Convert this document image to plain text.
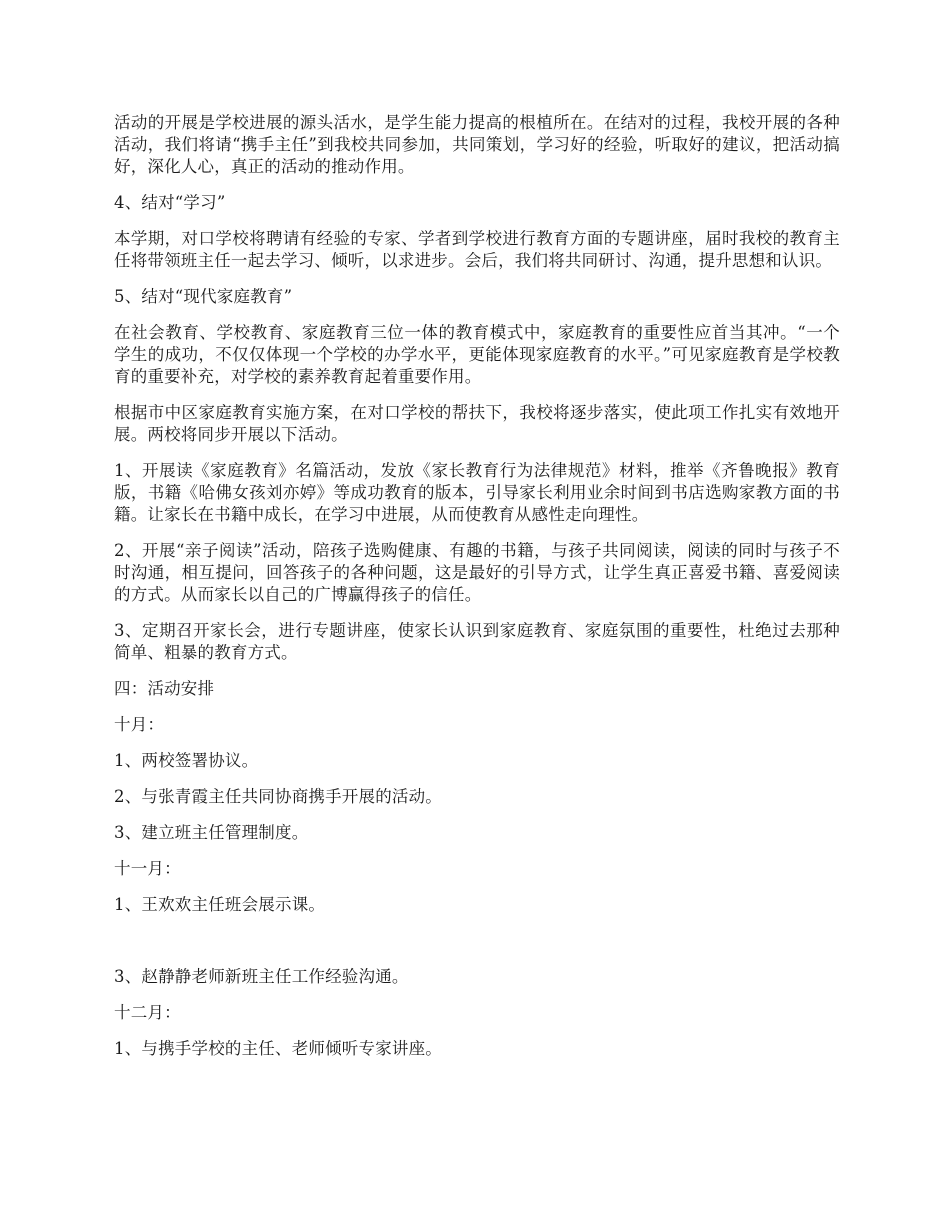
活动的开展是学校进展的源头活水，是学生能力提高的根植所在。在结对的过程，我校开展的各种活动，我们将请“携手主任”到我校共同参加，共同策划，学习好的经验，听取好的建议，把活动搞好，深化人心，真正的活动的推动作用。

4、结对“学习”

本学期，对口学校将聘请有经验的专家、学者到学校进行教育方面的专题讲座，届时我校的教育主任将带领班主任一起去学习、倾听，以求进步。会后，我们将共同研讨、沟通，提升思想和认识。

5、结对“现代家庭教育”

在社会教育、学校教育、家庭教育三位一体的教育模式中，家庭教育的重要性应首当其冲。“一个学生的成功，不仅仅体现一个学校的办学水平，更能体现家庭教育的水平。”可见家庭教育是学校教育的重要补充，对学校的素养教育起着重要作用。

根据市中区家庭教育实施方案，在对口学校的帮扶下，我校将逐步落实，使此项工作扎实有效地开展。两校将同步开展以下活动。

1、开展读《家庭教育》名篇活动，发放《家长教育行为法律规范》材料，推举《齐鲁晚报》教育版，书籍《哈佛女孩刘亦婷》等成功教育的版本，引导家长利用业余时间到书店选购家教方面的书籍。让家长在书籍中成长，在学习中进展，从而使教育从感性走向理性。

2、开展“亲子阅读”活动，陪孩子选购健康、有趣的书籍，与孩子共同阅读，阅读的同时与孩子不时沟通，相互提问，回答孩子的各种问题，这是最好的引导方式，让学生真正喜爱书籍、喜爱阅读的方式。从而家长以自己的广博赢得孩子的信任。

3、定期召开家长会，进行专题讲座，使家长认识到家庭教育、家庭氛围的重要性，杜绝过去那种简单、粗暴的教育方式。

四：活动安排

十月：

1、两校签署协议。

2、与张青霞主任共同协商携手开展的活动。

3、建立班主任管理制度。

十一月：

1、王欢欢主任班会展示课。

3、赵静静老师新班主任工作经验沟通。

十二月：

1、与携手学校的主任、老师倾听专家讲座。
